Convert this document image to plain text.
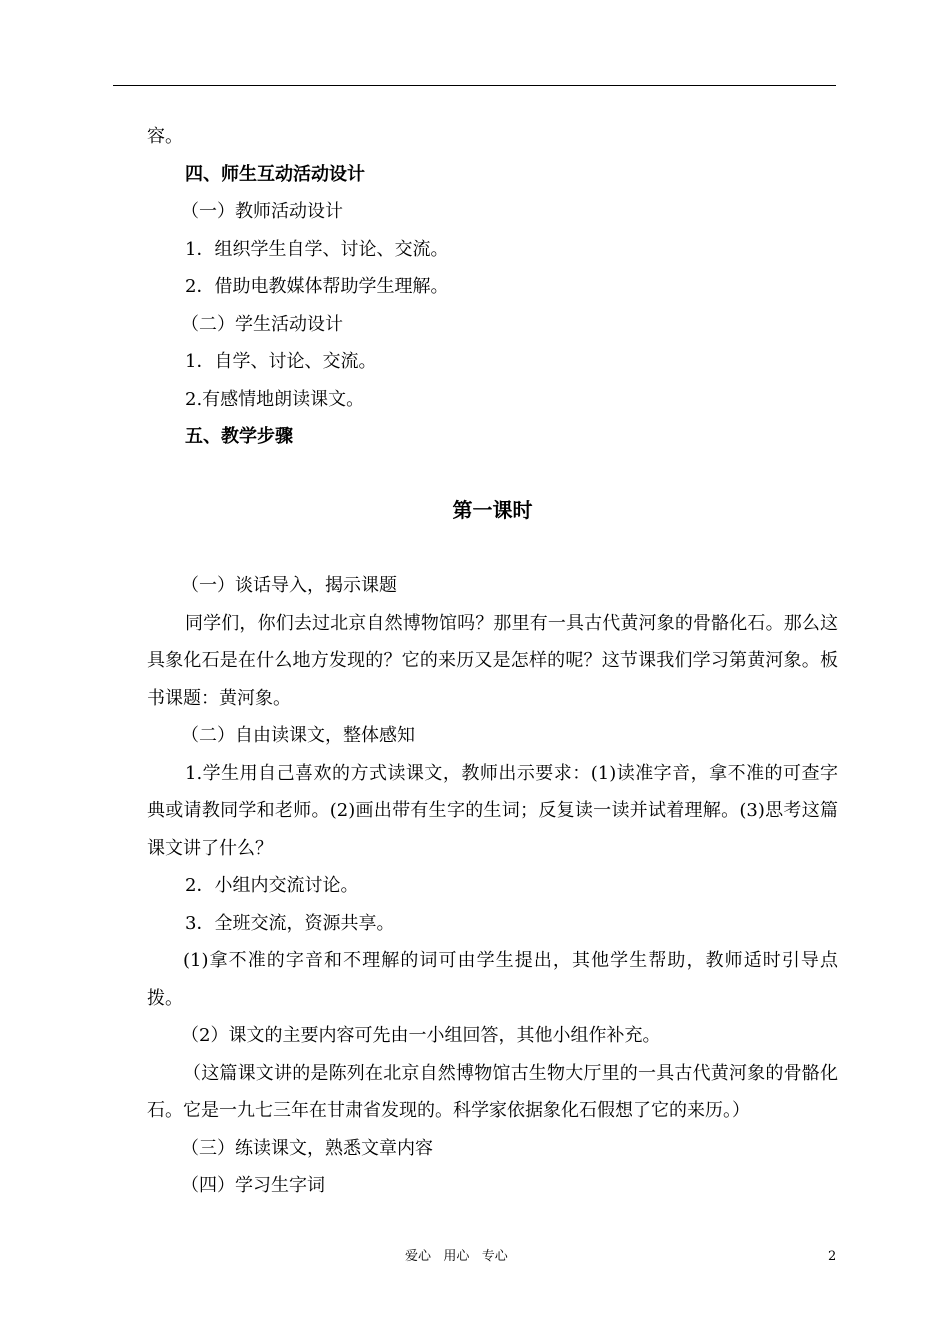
容。

四、师生互动活动设计

（一）教师活动设计

1．组织学生自学、讨论、交流。

2．借助电教媒体帮助学生理解。

（二）学生活动设计

1．自学、讨论、交流。

2.有感情地朗读课文。

五、教学步骤

第一课时

（一）谈话导入，揭示课题

同学们，你们去过北京自然博物馆吗？那里有一具古代黄河象的骨骼化石。那么这具象化石是在什么地方发现的？它的来历又是怎样的呢？这节课我们学习第黄河象。板书课题：黄河象。

（二）自由读课文，整体感知

1.学生用自己喜欢的方式读课文，教师出示要求：(1)读准字音，拿不准的可查字典或请教同学和老师。(2)画出带有生字的生词；反复读一读并试着理解。(3)思考这篇课文讲了什么？

2．小组内交流讨论。

3．全班交流，资源共享。

(1)拿不准的字音和不理解的词可由学生提出，其他学生帮助，教师适时引导点拨。

（2）课文的主要内容可先由一小组回答，其他小组作补充。

（这篇课文讲的是陈列在北京自然博物馆古生物大厅里的一具古代黄河象的骨骼化石。它是一九七三年在甘肃省发现的。科学家依据象化石假想了它的来历。）

（三）练读课文，熟悉文章内容

（四）学习生字词

爱心   用心   专心	2
